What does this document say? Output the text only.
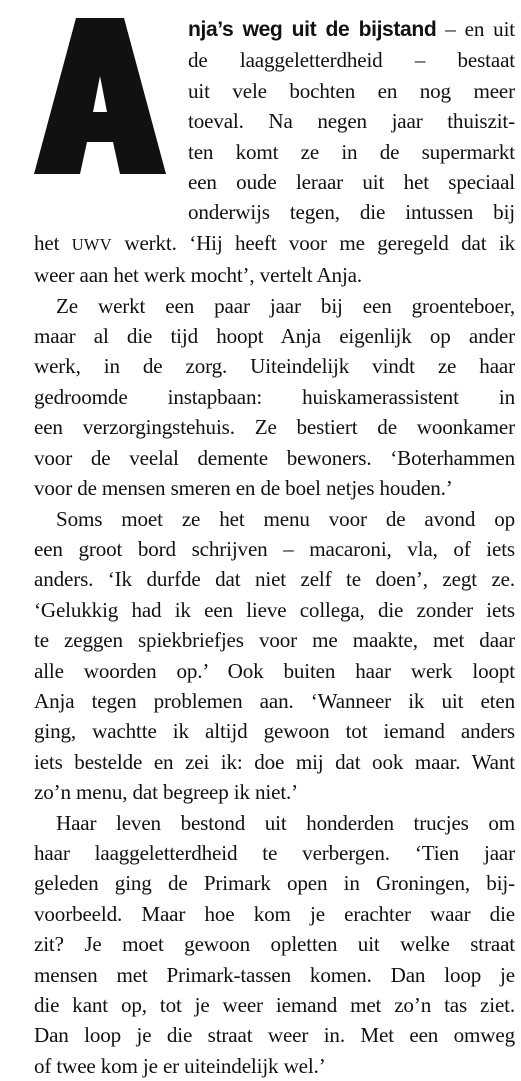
A
nja’s weg uit de bijstand – en uit
de laaggeletterdheid – bestaat
uit vele bochten en nog meer
toeval. Na negen jaar thuiszit-
ten komt ze in de supermarkt
een oude leraar uit het speciaal
onderwijs tegen, die intussen bij
het UWV werkt. ‘Hij heeft voor me geregeld dat ik
weer aan het werk mocht’, vertelt Anja.
Ze werkt een paar jaar bij een groenteboer,
maar al die tijd hoopt Anja eigenlijk op ander
werk, in de zorg. Uiteindelijk vindt ze haar
gedroomde instapbaan: huiskamerassistent in
een verzorgingstehuis. Ze bestiert de woonkamer
voor de veelal demente bewoners. ‘Boterhammen
voor de mensen smeren en de boel netjes houden.’
Soms moet ze het menu voor de avond op
een groot bord schrijven – macaroni, vla, of iets
anders. ‘Ik durfde dat niet zelf te doen’, zegt ze.
‘Gelukkig had ik een lieve collega, die zonder iets
te zeggen spiekbriefjes voor me maakte, met daar
alle woorden op.’ Ook buiten haar werk loopt
Anja tegen problemen aan. ‘Wanneer ik uit eten
ging, wachtte ik altijd gewoon tot iemand anders
iets bestelde en zei ik: doe mij dat ook maar. Want
zo’n menu, dat begreep ik niet.’
Haar leven bestond uit honderden trucjes om
haar laaggeletterdheid te verbergen. ‘Tien jaar
geleden ging de Primark open in Groningen, bij-
voorbeeld. Maar hoe kom je erachter waar die
zit? Je moet gewoon opletten uit welke straat
mensen met Primark-tassen komen. Dan loop je
die kant op, tot je weer iemand met zo’n tas ziet.
Dan loop je die straat weer in. Met een omweg
of twee kom je er uiteindelijk wel.’
